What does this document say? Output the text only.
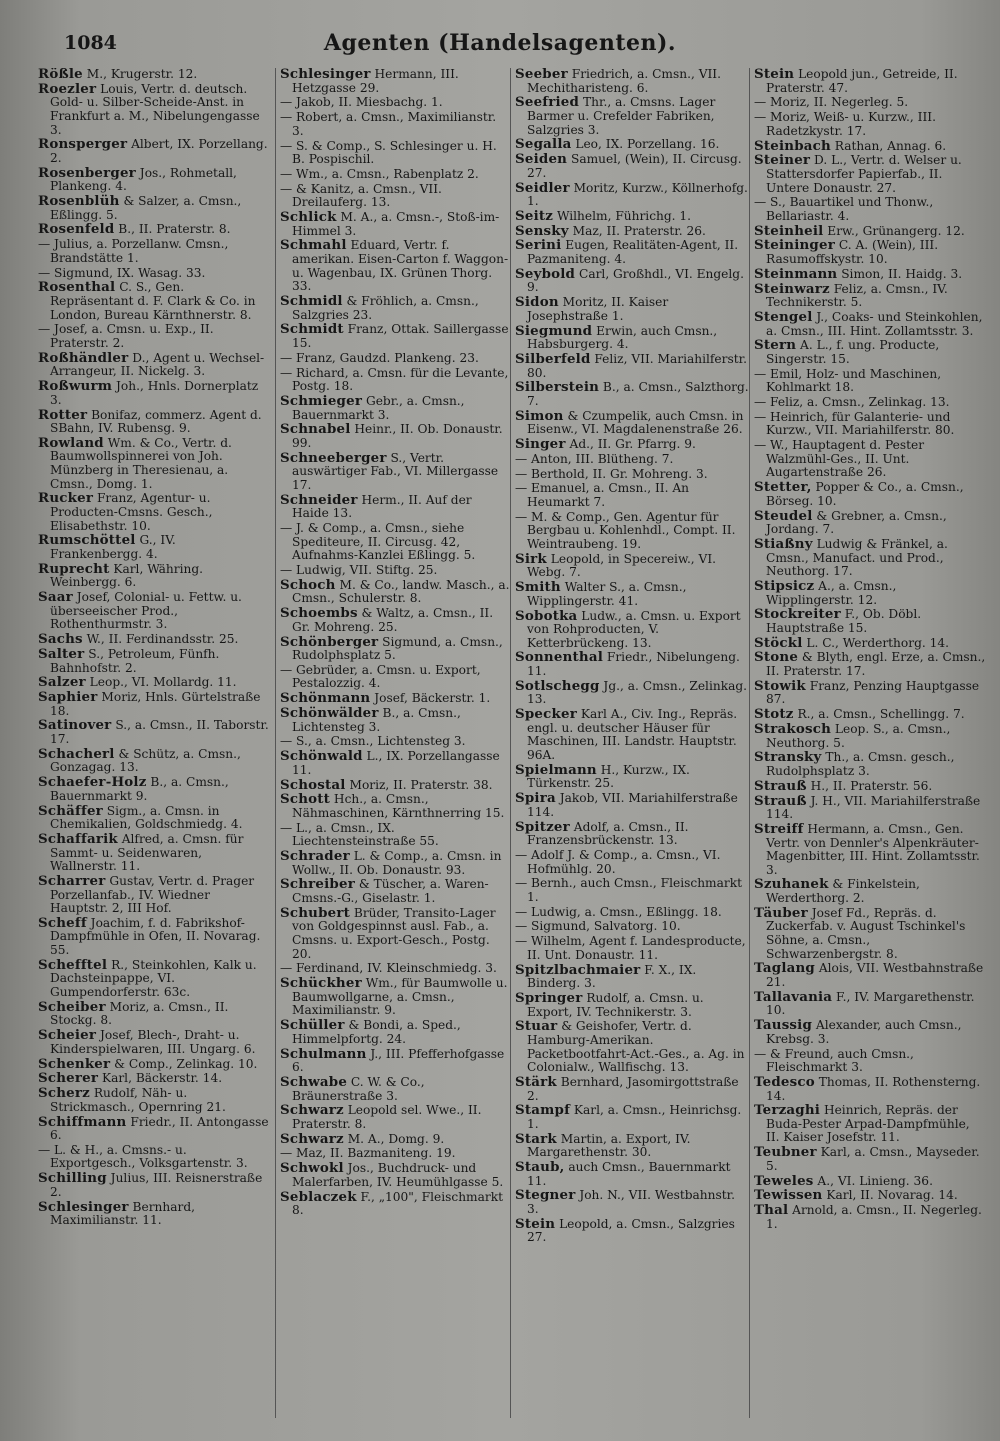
1084	Agenten (Handelsagenten).
Rößle M., Krugerstr. 12.
Roezler Louis, Vertr. d. deutsch. Gold- u. Silber-Scheide-Anst. in Frankfurt a. M., Nibelungengasse 3.
Ronsperger Albert, IX. Porzellang. 2.
Rosenberger Jos., Rohmetall, Plankeng. 4.
Rosenblüh & Salzer, a. Cmsn., Eßlingg. 5.
Rosenfeld B., II. Praterstr. 8.
— Julius, a. Porzellanw. Cmsn., Brandstätte 1.
— Sigmund, IX. Wasag. 33.
Rosenthal C. S., Gen. Repräsentant d. F. Clark & Co. in London, Bureau Kärnthnerstr. 8.
— Josef, a. Cmsn. u. Exp., II. Praterstr. 2.
Roßhändler D., Agent u. Wechsel-Arrangeur, II. Nickelg. 3.
Roßwurm Joh., Hnls. Dornerplatz 3.
Rotter Bonifaz, commerz. Agent d. SBahn, IV. Rubensg. 9.
Rowland Wm. & Co., Vertr. d. Baumwollspinnerei von Joh. Münzberg in Theresienau, a. Cmsn., Domg. 1.
Rucker Franz, Agentur- u. Producten-Cmsns. Gesch., Elisabethstr. 10.
Rumschöttel G., IV. Frankenbergg. 4.
Ruprecht Karl, Währing. Weinbergg. 6.
Saar Josef, Colonial- u. Fettw. u. überseeischer Prod., Rothenthurmstr. 3.
Sachs W., II. Ferdinandsstr. 25.
Salter S., Petroleum, Fünfh. Bahnhofstr. 2.
Salzer Leop., VI. Mollardg. 11.
Saphier Moriz, Hnls. Gürtelstraße 18.
Satinover S., a. Cmsn., II. Taborstr. 17.
Schacherl & Schütz, a. Cmsn., Gonzagag. 13.
Schaefer-Holz B., a. Cmsn., Bauernmarkt 9.
Schäffer Sigm., a. Cmsn. in Chemikalien, Goldschmiedg. 4.
Schaffarik Alfred, a. Cmsn. für Sammt- u. Seidenwaren, Wallnerstr. 11.
Scharrer Gustav, Vertr. d. Prager Porzellanfab., IV. Wiedner Hauptstr. 2, III Hof.
Scheff Joachim, f. d. Fabrikshof-Dampfmühle in Ofen, II. Novarag. 55.
Schefftel R., Steinkohlen, Kalk u. Dachsteinpappe, VI. Gumpendorferstr. 63c.
Scheiber Moriz, a. Cmsn., II. Stockg. 8.
Scheier Josef, Blech-, Draht- u. Kinderspielwaren, III. Ungarg. 6.
Schenker & Comp., Zelinkag. 10.
Scherer Karl, Bäckerstr. 14.
Scherz Rudolf, Näh- u. Strickmasch., Opernring 21.
Schiffmann Friedr., II. Antongasse 6.
— L. & H., a. Cmsns.- u. Exportgesch., Volksgartenstr. 3.
Schilling Julius, III. Reisnerstraße 2.
Schlesinger Bernhard, Maximilianstr. 11.
Schlesinger Hermann, III. Hetzgasse 29.
— Jakob, II. Miesbachg. 1.
— Robert, a. Cmsn., Maximilianstr. 3.
— S. & Comp., S. Schlesinger u. H. B. Pospischil.
— Wm., a. Cmsn., Rabenplatz 2.
— & Kanitz, a. Cmsn., VII. Dreilauferg. 13.
Schlick M. A., a. Cmsn.-, Stoß-im-Himmel 3.
Schmahl Eduard, Vertr. f. amerikan. Eisen-Carton f. Waggon- u. Wagenbau, IX. Grünen Thorg. 33.
Schmidl & Fröhlich, a. Cmsn., Salzgries 23.
Schmidt Franz, Ottak. Saillergasse 15.
— Franz, Gaudzd. Plankeng. 23.
— Richard, a. Cmsn. für die Levante, Postg. 18.
Schmieger Gebr., a. Cmsn., Bauernmarkt 3.
Schnabel Heinr., II. Ob. Donaustr. 99.
Schneeberger S., Vertr. auswärtiger Fab., VI. Millergasse 17.
Schneider Herm., II. Auf der Haide 13.
— J. & Comp., a. Cmsn., siehe Spediteure, II. Circusg. 42, Aufnahms-Kanzlei Eßlingg. 5.
— Ludwig, VII. Stiftg. 25.
Schoch M. & Co., landw. Masch., a. Cmsn., Schulerstr. 8.
Schoembs & Waltz, a. Cmsn., II. Gr. Mohreng. 25.
Schönberger Sigmund, a. Cmsn., Rudolphsplatz 5.
— Gebrüder, a. Cmsn. u. Export, Pestalozzig. 4.
Schönmann Josef, Bäckerstr. 1.
Schönwälder B., a. Cmsn., Lichtensteg 3.
— S., a. Cmsn., Lichtensteg 3.
Schönwald L., IX. Porzellangasse 11.
Schostal Moriz, II. Praterstr. 38.
Schott Hch., a. Cmsn., Nähmaschinen, Kärnthnerring 15.
— L., a. Cmsn., IX. Liechtensteinstraße 55.
Schrader L. & Comp., a. Cmsn. in Wollw., II. Ob. Donaustr. 93.
Schreiber & Tüscher, a. Waren-Cmsns.-G., Giselastr. 1.
Schubert Brüder, Transito-Lager von Goldgespinnst ausl. Fab., a. Cmsns. u. Export-Gesch., Postg. 20.
— Ferdinand, IV. Kleinschmiedg. 3.
Schückher Wm., für Baumwolle u. Baumwollgarne, a. Cmsn., Maximilianstr. 9.
Schüller & Bondi, a. Sped., Himmelpfortg. 24.
Schulmann J., III. Pfefferhofgasse 6.
Schwabe C. W. & Co., Bräunerstraße 3.
Schwarz Leopold sel. Wwe., II. Praterstr. 8.
Schwarz M. A., Domg. 9.
— Maz, II. Bazmaniteng. 19.
Schwokl Jos., Buchdruck- und Malerfarben, IV. Heumühlgasse 5.
Seblaczek F., „100", Fleischmarkt 8.
Seeber Friedrich, a. Cmsn., VII. Mechitharisteng. 6.
Seefried Thr., a. Cmsns. Lager Barmer u. Crefelder Fabriken, Salzgries 3.
Segalla Leo, IX. Porzellang. 16.
Seiden Samuel, (Wein), II. Circusg. 27.
Seidler Moritz, Kurzw., Köllnerhofg. 1.
Seitz Wilhelm, Führichg. 1.
Sensky Maz, II. Praterstr. 26.
Serini Eugen, Realitäten-Agent, II. Pazmaniteng. 4.
Seybold Carl, Großhdl., VI. Engelg. 9.
Sidon Moritz, II. Kaiser Josephstraße 1.
Siegmund Erwin, auch Cmsn., Habsburgerg. 4.
Silberfeld Feliz, VII. Mariahilferstr. 80.
Silberstein B., a. Cmsn., Salzthorg. 7.
Simon & Czumpelik, auch Cmsn. in Eisenw., VI. Magdalenenstraße 26.
Singer Ad., II. Gr. Pfarrg. 9.
— Anton, III. Blütheng. 7.
— Berthold, II. Gr. Mohreng. 3.
— Emanuel, a. Cmsn., II. An Heumarkt 7.
— M. & Comp., Gen. Agentur für Bergbau u. Kohlenhdl., Compt. II. Weintraubeng. 19.
Sirk Leopold, in Specereiw., VI. Webg. 7.
Smith Walter S., a. Cmsn., Wipplingerstr. 41.
Sobotka Ludw., a. Cmsn. u. Export von Rohproducten, V. Ketterbrückeng. 13.
Sonnenthal Friedr., Nibelungeng. 11.
Sotlschegg Jg., a. Cmsn., Zelinkag. 13.
Specker Karl A., Civ. Ing., Repräs. engl. u. deutscher Häuser für Maschinen, III. Landstr. Hauptstr. 96A.
Spielmann H., Kurzw., IX. Türkenstr. 25.
Spira Jakob, VII. Mariahilferstraße 114.
Spitzer Adolf, a. Cmsn., II. Franzensbrückenstr. 13.
— Adolf J. & Comp., a. Cmsn., VI. Hofmühlg. 20.
— Bernh., auch Cmsn., Fleischmarkt 1.
— Ludwig, a. Cmsn., Eßlingg. 18.
— Sigmund, Salvatorg. 10.
— Wilhelm, Agent f. Landesproducte, II. Unt. Donaustr. 11.
Spitzlbachmaier F. X., IX. Binderg. 3.
Springer Rudolf, a. Cmsn. u. Export, IV. Technikerstr. 3.
Stuar & Geishofer, Vertr. d. Hamburg-Amerikan. Packetbootfahrt-Act.-Ges., a. Ag. in Colonialw., Wallfischg. 13.
Stärk Bernhard, Jasomirgottstraße 2.
Stampf Karl, a. Cmsn., Heinrichsg. 1.
Stark Martin, a. Export, IV. Margarethenstr. 30.
Staub, auch Cmsn., Bauernmarkt 11.
Stegner Joh. N., VII. Westbahnstr. 3.
Stein Leopold, a. Cmsn., Salzgries 27.
Stein Leopold jun., Getreide, II. Praterstr. 47.
— Moriz, II. Negerleg. 5.
— Moriz, Weiß- u. Kurzw., III. Radetzkystr. 17.
Steinbach Rathan, Annag. 6.
Steiner D. L., Vertr. d. Welser u. Stattersdorfer Papierfab., II. Untere Donaustr. 27.
— S., Bauartikel und Thonw., Bellariastr. 4.
Steinheil Erw., Grünangerg. 12.
Steininger C. A. (Wein), III. Rasumoffskystr. 10.
Steinmann Simon, II. Haidg. 3.
Steinwarz Feliz, a. Cmsn., IV. Technikerstr. 5.
Stengel J., Coaks- und Steinkohlen, a. Cmsn., III. Hint. Zollamtsstr. 3.
Stern A. L., f. ung. Producte, Singerstr. 15.
— Emil, Holz- und Maschinen, Kohlmarkt 18.
— Feliz, a. Cmsn., Zelinkag. 13.
— Heinrich, für Galanterie- und Kurzw., VII. Mariahilferstr. 80.
— W., Hauptagent d. Pester Walzmühl-Ges., II. Unt. Augartenstraße 26.
Stetter, Popper & Co., a. Cmsn., Börseg. 10.
Steudel & Grebner, a. Cmsn., Jordang. 7.
Stiaßny Ludwig & Fränkel, a. Cmsn., Manufact. und Prod., Neuthorg. 17.
Stipsicz A., a. Cmsn., Wipplingerstr. 12.
Stockreiter F., Ob. Döbl. Hauptstraße 15.
Stöckl L. C., Werderthorg. 14.
Stone & Blyth, engl. Erze, a. Cmsn., II. Praterstr. 17.
Stowik Franz, Penzing Hauptgasse 87.
Stotz R., a. Cmsn., Schellingg. 7.
Strakosch Leop. S., a. Cmsn., Neuthorg. 5.
Stransky Th., a. Cmsn. gesch., Rudolphsplatz 3.
Strauß H., II. Praterstr. 56.
Strauß J. H., VII. Mariahilferstraße 114.
Streiff Hermann, a. Cmsn., Gen. Vertr. von Dennler's Alpenkräuter-Magenbitter, III. Hint. Zollamtsstr. 3.
Szuhanek & Finkelstein, Werderthorg. 2.
Täuber Josef Fd., Repräs. d. Zuckerfab. v. August Tschinkel's Söhne, a. Cmsn., Schwarzenbergstr. 8.
Taglang Alois, VII. Westbahnstraße 21.
Tallavania F., IV. Margarethenstr. 10.
Taussig Alexander, auch Cmsn., Krebsg. 3.
— & Freund, auch Cmsn., Fleischmarkt 3.
Tedesco Thomas, II. Rothensterng. 14.
Terzaghi Heinrich, Repräs. der Buda-Pester Arpad-Dampfmühle, II. Kaiser Josefstr. 11.
Teubner Karl, a. Cmsn., Mayseder. 5.
Teweles A., VI. Linieng. 36.
Tewissen Karl, II. Novarag. 14.
Thal Arnold, a. Cmsn., II. Negerleg. 1.
